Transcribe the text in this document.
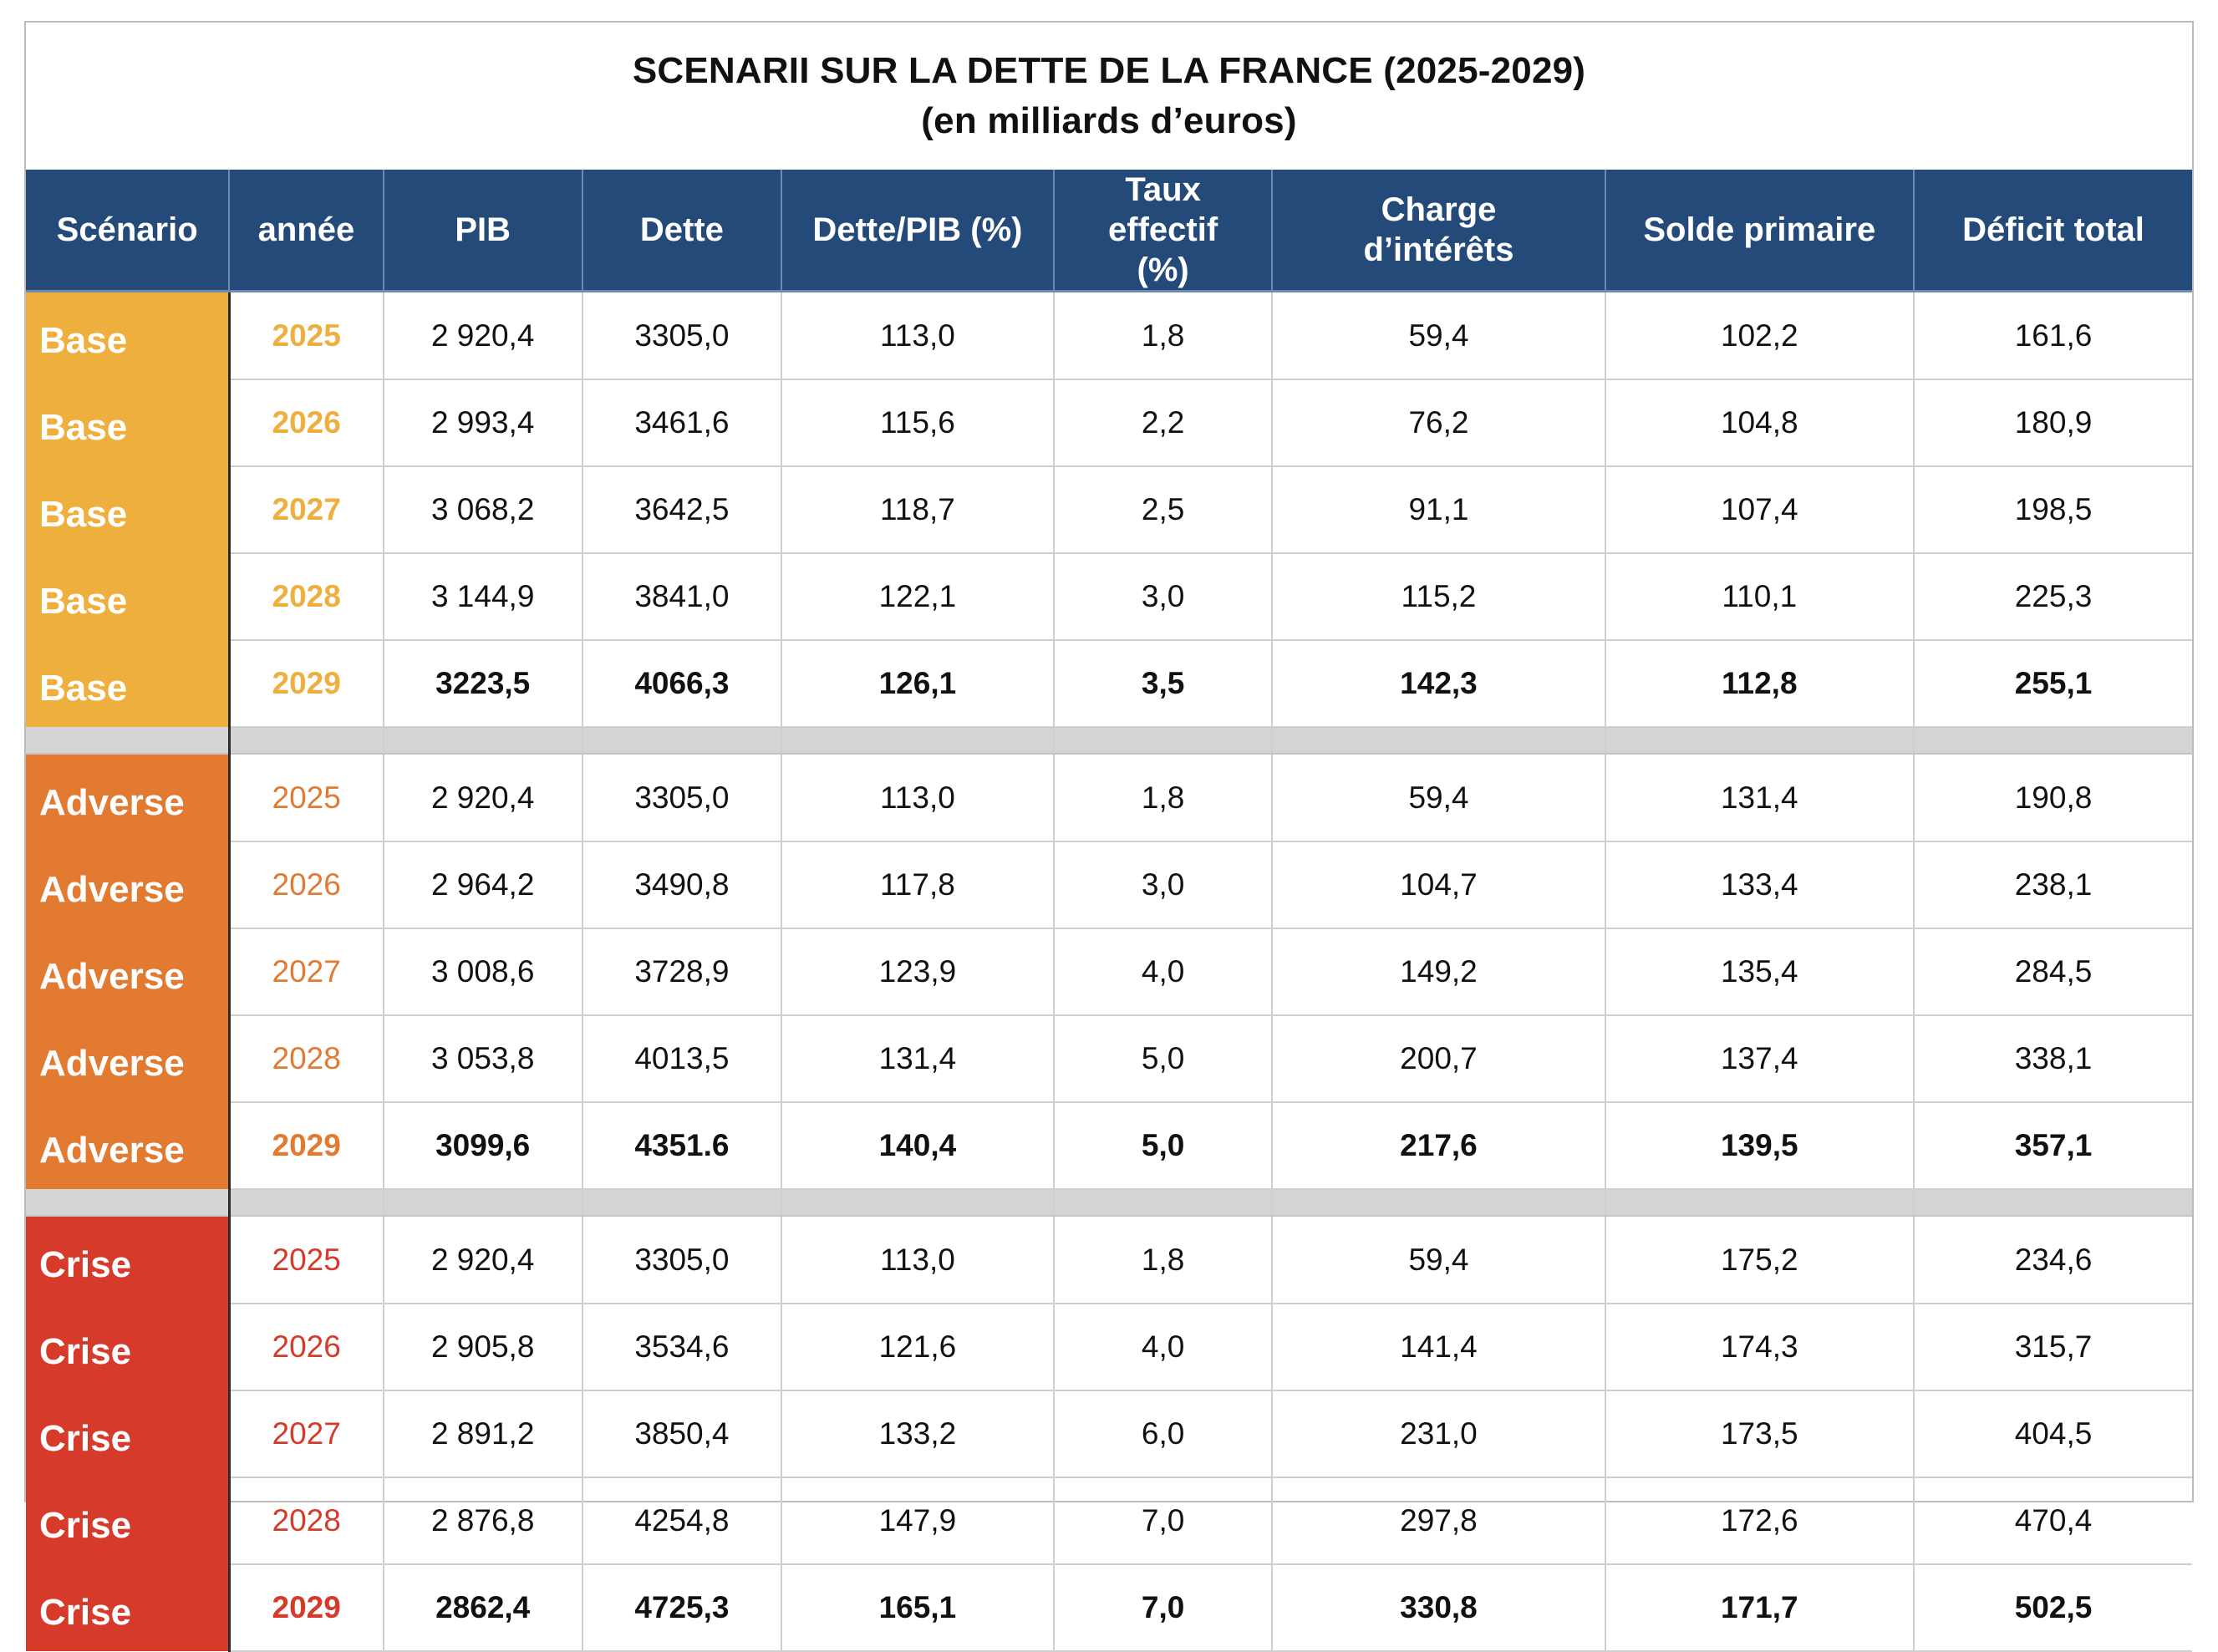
SCENARII SUR LA DETTE DE LA FRANCE (2025-2029)
(en milliards d’euros)
Scénario	année	PIB	Dette	Dette/PIB (%)	Taux effectif (%)	Charge d’intérêts	Solde primaire	Déficit total
Base	2025	2 920,4	3305,0	113,0	1,8	59,4	102,2	161,6
Base	2026	2 993,4	3461,6	115,6	2,2	76,2	104,8	180,9
Base	2027	3 068,2	3642,5	118,7	2,5	91,1	107,4	198,5
Base	2028	3 144,9	3841,0	122,1	3,0	115,2	110,1	225,3
Base	2029	3223,5	4066,3	126,1	3,5	142,3	112,8	255,1

Adverse	2025	2 920,4	3305,0	113,0	1,8	59,4	131,4	190,8
Adverse	2026	2 964,2	3490,8	117,8	3,0	104,7	133,4	238,1
Adverse	2027	3 008,6	3728,9	123,9	4,0	149,2	135,4	284,5
Adverse	2028	3 053,8	4013,5	131,4	5,0	200,7	137,4	338,1
Adverse	2029	3099,6	4351.6	140,4	5,0	217,6	139,5	357,1

Crise	2025	2 920,4	3305,0	113,0	1,8	59,4	175,2	234,6
Crise	2026	2 905,8	3534,6	121,6	4,0	141,4	174,3	315,7
Crise	2027	2 891,2	3850,4	133,2	6,0	231,0	173,5	404,5
Crise	2028	2 876,8	4254,8	147,9	7,0	297,8	172,6	470,4
Crise	2029	2862,4	4725,3	165,1	7,0	330,8	171,7	502,5
